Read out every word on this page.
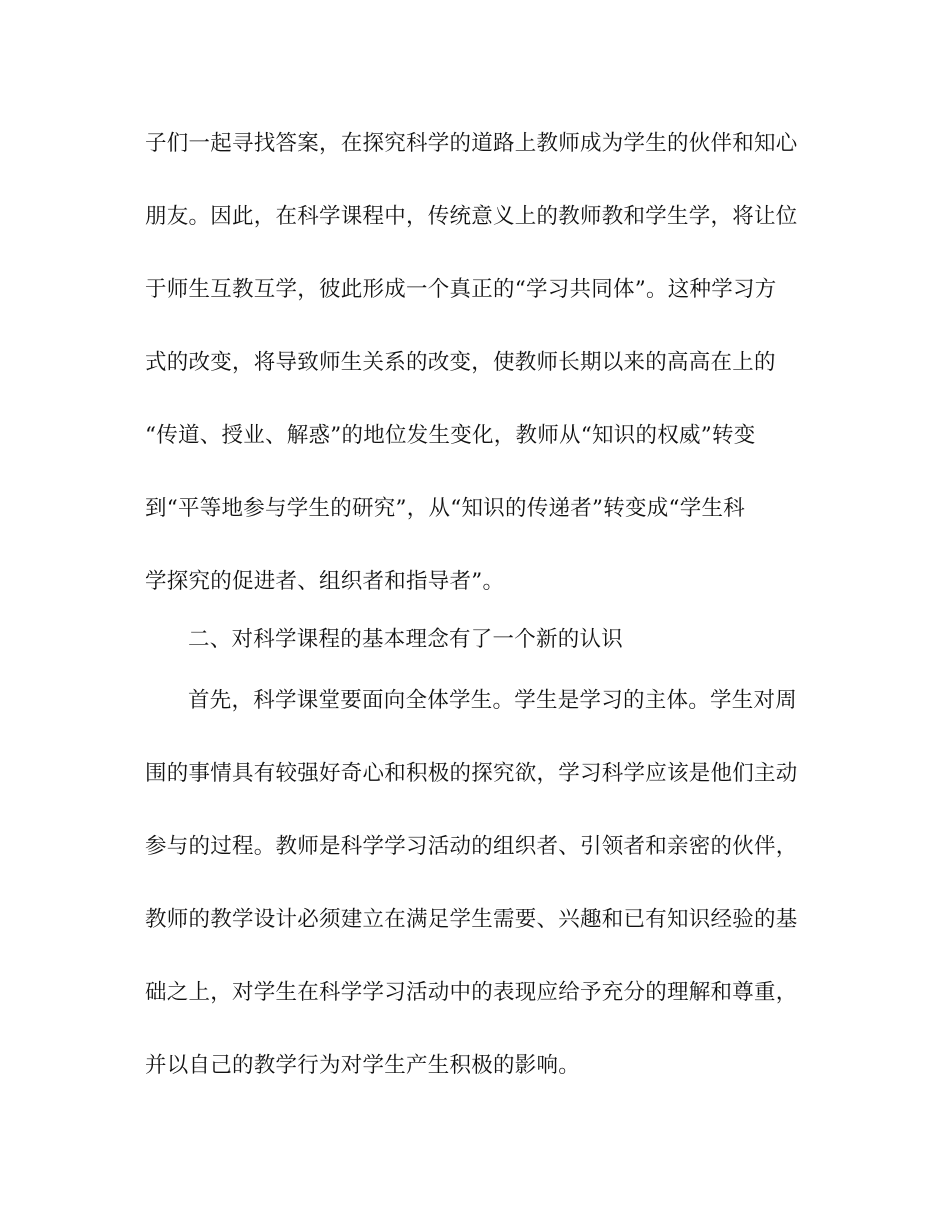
子们一起寻找答案，在探究科学的道路上教师成为学生的伙伴和知心
朋友。因此，在科学课程中，传统意义上的教师教和学生学，将让位
于师生互教互学，彼此形成一个真正的“学习共同体”。这种学习方
式的改变，将导致师生关系的改变，使教师长期以来的高高在上的
“传道、授业、解惑”的地位发生变化，教师从“知识的权威”转变
到“平等地参与学生的研究”，从“知识的传递者”转变成“学生科
学探究的促进者、组织者和指导者”。
二、对科学课程的基本理念有了一个新的认识
首先，科学课堂要面向全体学生。学生是学习的主体。学生对周
围的事情具有较强好奇心和积极的探究欲，学习科学应该是他们主动
参与的过程。教师是科学学习活动的组织者、引领者和亲密的伙伴，
教师的教学设计必须建立在满足学生需要、兴趣和已有知识经验的基
础之上，对学生在科学学习活动中的表现应给予充分的理解和尊重，
并以自己的教学行为对学生产生积极的影响。
